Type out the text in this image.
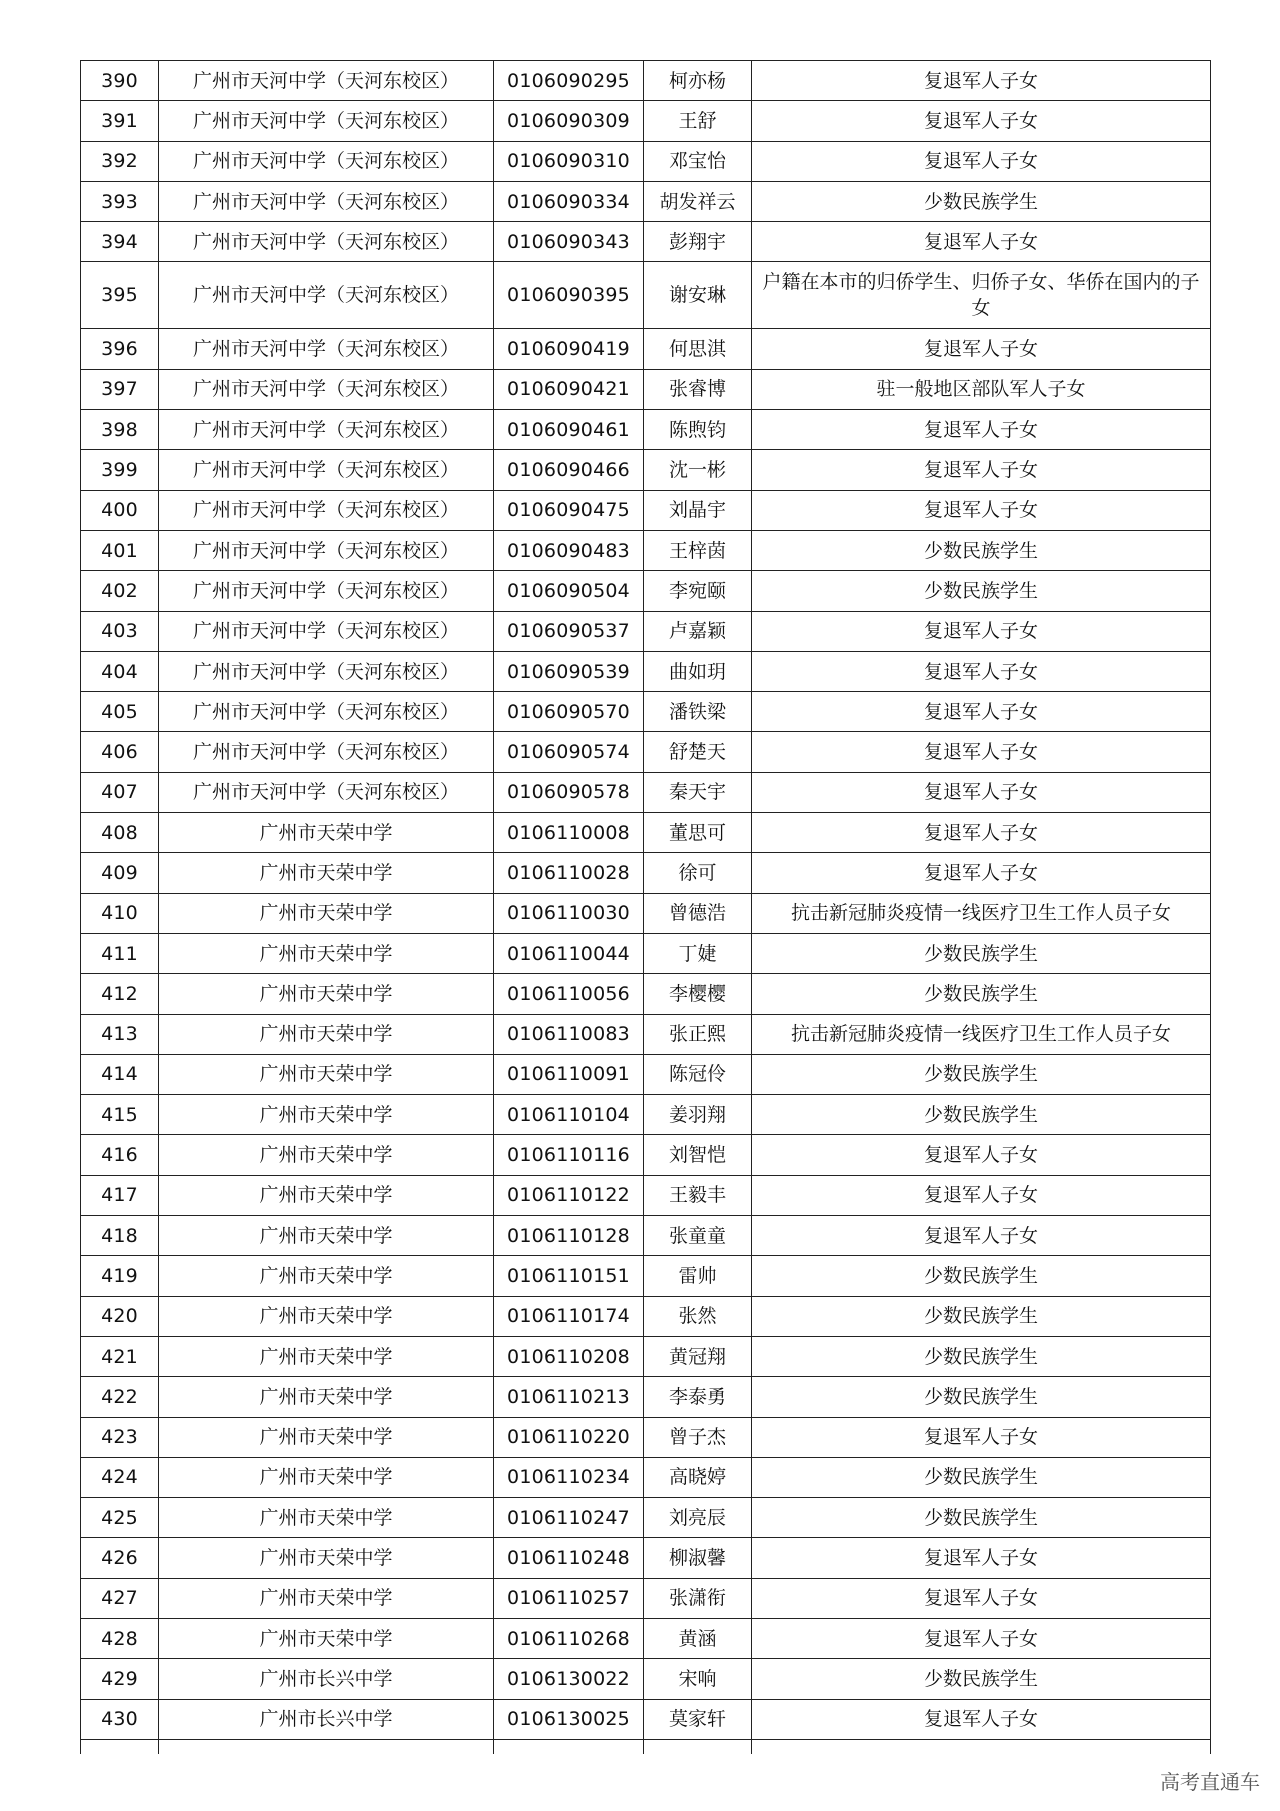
390	广州市天河中学（天河东校区）	0106090295	柯亦杨	复退军人子女
391	广州市天河中学（天河东校区）	0106090309	王舒	复退军人子女
392	广州市天河中学（天河东校区）	0106090310	邓宝怡	复退军人子女
393	广州市天河中学（天河东校区）	0106090334	胡发祥云	少数民族学生
394	广州市天河中学（天河东校区）	0106090343	彭翔宇	复退军人子女
395	广州市天河中学（天河东校区）	0106090395	谢安琳	户籍在本市的归侨学生、归侨子女、华侨在国内的子女
396	广州市天河中学（天河东校区）	0106090419	何思淇	复退军人子女
397	广州市天河中学（天河东校区）	0106090421	张睿博	驻一般地区部队军人子女
398	广州市天河中学（天河东校区）	0106090461	陈煦钧	复退军人子女
399	广州市天河中学（天河东校区）	0106090466	沈一彬	复退军人子女
400	广州市天河中学（天河东校区）	0106090475	刘晶宇	复退军人子女
401	广州市天河中学（天河东校区）	0106090483	王梓茵	少数民族学生
402	广州市天河中学（天河东校区）	0106090504	李宛颐	少数民族学生
403	广州市天河中学（天河东校区）	0106090537	卢嘉颖	复退军人子女
404	广州市天河中学（天河东校区）	0106090539	曲如玥	复退军人子女
405	广州市天河中学（天河东校区）	0106090570	潘铁梁	复退军人子女
406	广州市天河中学（天河东校区）	0106090574	舒楚天	复退军人子女
407	广州市天河中学（天河东校区）	0106090578	秦天宇	复退军人子女
408	广州市天荣中学	0106110008	董思可	复退军人子女
409	广州市天荣中学	0106110028	徐可	复退军人子女
410	广州市天荣中学	0106110030	曾德浩	抗击新冠肺炎疫情一线医疗卫生工作人员子女
411	广州市天荣中学	0106110044	丁婕	少数民族学生
412	广州市天荣中学	0106110056	李樱樱	少数民族学生
413	广州市天荣中学	0106110083	张正熙	抗击新冠肺炎疫情一线医疗卫生工作人员子女
414	广州市天荣中学	0106110091	陈冠伶	少数民族学生
415	广州市天荣中学	0106110104	姜羽翔	少数民族学生
416	广州市天荣中学	0106110116	刘智恺	复退军人子女
417	广州市天荣中学	0106110122	王毅丰	复退军人子女
418	广州市天荣中学	0106110128	张童童	复退军人子女
419	广州市天荣中学	0106110151	雷帅	少数民族学生
420	广州市天荣中学	0106110174	张然	少数民族学生
421	广州市天荣中学	0106110208	黄冠翔	少数民族学生
422	广州市天荣中学	0106110213	李泰勇	少数民族学生
423	广州市天荣中学	0106110220	曾子杰	复退军人子女
424	广州市天荣中学	0106110234	高晓婷	少数民族学生
425	广州市天荣中学	0106110247	刘亮辰	少数民族学生
426	广州市天荣中学	0106110248	柳淑馨	复退军人子女
427	广州市天荣中学	0106110257	张潇衔	复退军人子女
428	广州市天荣中学	0106110268	黄涵	复退军人子女
429	广州市长兴中学	0106130022	宋响	少数民族学生
430	广州市长兴中学	0106130025	莫家轩	复退军人子女

高考直通车
